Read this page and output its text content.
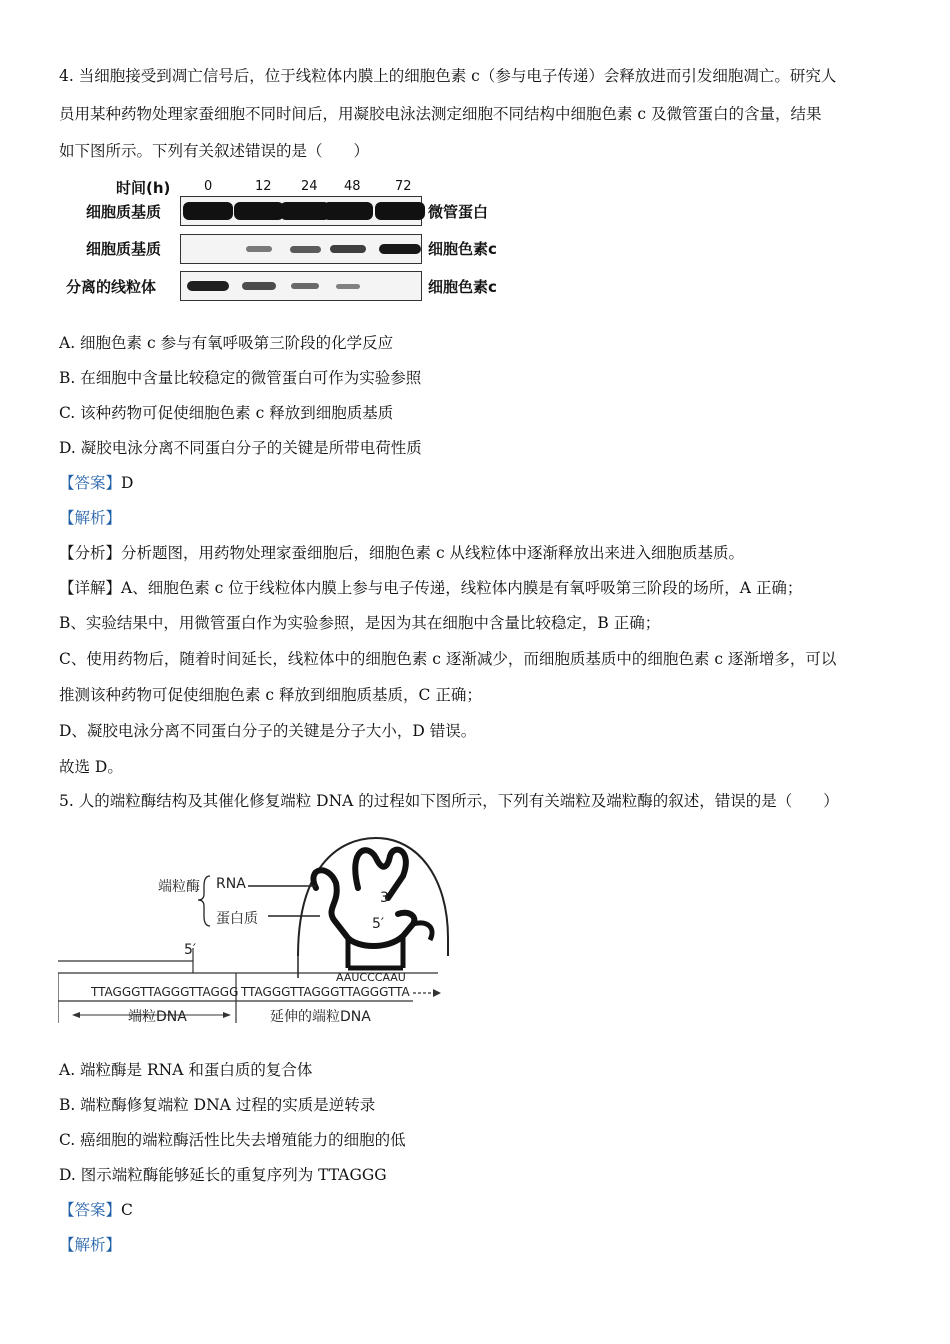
4. 当细胞接受到凋亡信号后，位于线粒体内膜上的细胞色素 c（参与电子传递）会释放进而引发细胞凋亡。研究人
员用某种药物处理家蚕细胞不同时间后，用凝胶电泳法测定细胞不同结构中细胞色素 c 及微管蛋白的含量，结果
如下图所示。下列有关叙述错误的是（　　）
时间(h)	0	12 24 48	72
细胞质基质
细胞质基质
分离的线粒体
微管蛋白
细胞色素c
细胞色素c
A. 细胞色素 c 参与有氧呼吸第三阶段的化学反应
B. 在细胞中含量比较稳定的微管蛋白可作为实验参照
C. 该种药物可促使细胞色素 c 释放到细胞质基质
D. 凝胶电泳分离不同蛋白分子的关键是所带电荷性质
【答案】D
【解析】
【分析】分析题图，用药物处理家蚕细胞后，细胞色素 c 从线粒体中逐渐释放出来进入细胞质基质。
【详解】A、细胞色素 c 位于线粒体内膜上参与电子传递，线粒体内膜是有氧呼吸第三阶段的场所，A 正确；
B、实验结果中，用微管蛋白作为实验参照，是因为其在细胞中含量比较稳定，B 正确；
C、使用药物后，随着时间延长，线粒体中的细胞色素 c 逐渐减少，而细胞质基质中的细胞色素 c 逐渐增多，可以
推测该种药物可促使细胞色素 c 释放到细胞质基质，C 正确；
D、凝胶电泳分离不同蛋白分子的关键是分子大小，D 错误。
故选 D。
5. 人的端粒酶结构及其催化修复端粒 DNA 的过程如下图所示，下列有关端粒及端粒酶的叙述，错误的是（　　）
端粒酶 RNA
蛋白质
3′
5′
5′
AAUCCCAAU
TTAGGGTTAGGGTTAGGG TTAGGGTTAGGGTTAGGGTTA
端粒DNA	延伸的端粒DNA
A. 端粒酶是 RNA 和蛋白质的复合体
B. 端粒酶修复端粒 DNA 过程的实质是逆转录
C. 癌细胞的端粒酶活性比失去增殖能力的细胞的低
D. 图示端粒酶能够延长的重复序列为 TTAGGG
【答案】C
【解析】
